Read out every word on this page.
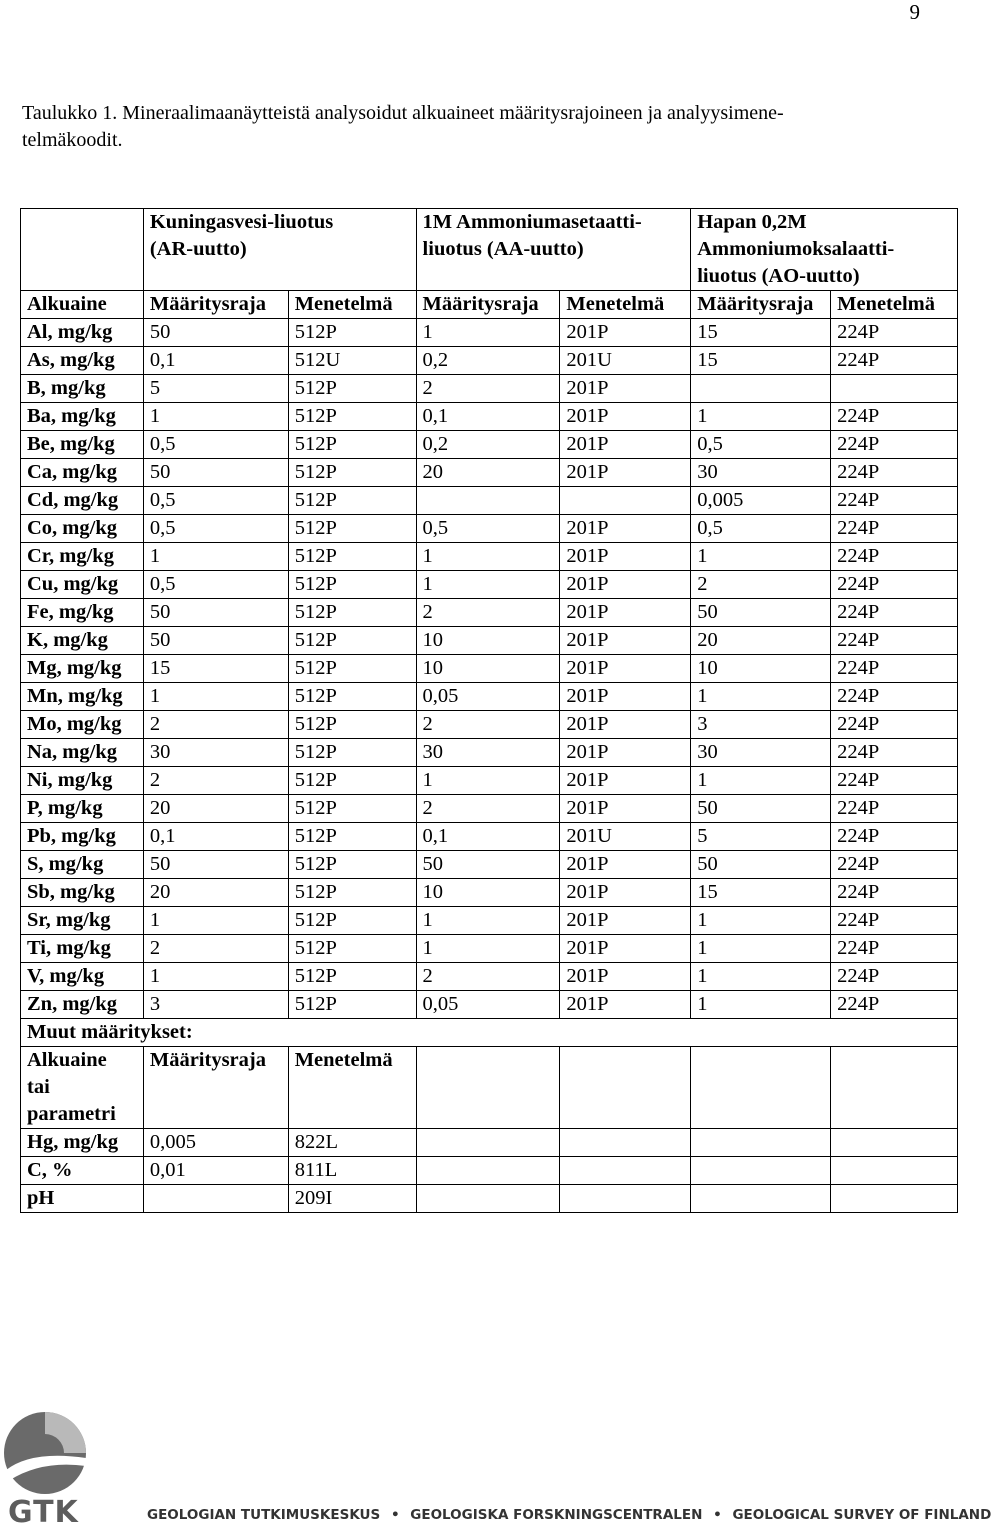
9
Taulukko 1. Mineraalimaanäytteistä analysoidut alkuaineet määritysrajoineen ja analyysimene-
telmäkoodit.

	Kuningasvesi-liuotus
(AR-uutto)		1M Ammoniumasetaatti-
liuotus (AA-uutto)		Hapan 0,2M
Ammoniumoksalaatti-
liuotus (AO-uutto)	

Alkuaine	Määritysraja	Menetelmä	Määritysraja	Menetelmä	Määritysraja	Menetelmä
Al, mg/kg	50	512P	1	201P	15	224P
As, mg/kg	0,1	512U	0,2	201U	15	224P
B, mg/kg	5	512P	2	201P		
Ba, mg/kg	1	512P	0,1	201P	1	224P
Be, mg/kg	0,5	512P	0,2	201P	0,5	224P
Ca, mg/kg	50	512P	20	201P	30	224P
Cd, mg/kg	0,5	512P			0,005	224P
Co, mg/kg	0,5	512P	0,5	201P	0,5	224P
Cr, mg/kg	1	512P	1	201P	1	224P
Cu, mg/kg	0,5	512P	1	201P	2	224P
Fe, mg/kg	50	512P	2	201P	50	224P
K, mg/kg	50	512P	10	201P	20	224P
Mg, mg/kg	15	512P	10	201P	10	224P
Mn, mg/kg	1	512P	0,05	201P	1	224P
Mo, mg/kg	2	512P	2	201P	3	224P
Na, mg/kg	30	512P	30	201P	30	224P
Ni, mg/kg	2	512P	1	201P	1	224P
P, mg/kg	20	512P	2	201P	50	224P
Pb, mg/kg	0,1	512P	0,1	201U	5	224P
S, mg/kg	50	512P	50	201P	50	224P
Sb, mg/kg	20	512P	10	201P	15	224P
Sr, mg/kg	1	512P	1	201P	1	224P
Ti, mg/kg	2	512P	1	201P	1	224P
V, mg/kg	1	512P	2	201P	1	224P
Zn, mg/kg	3	512P	0,05	201P	1	224P
Muut määritykset:						

Alkuaine
tai
parametri	Määritysraja	Menetelmä				
Hg, mg/kg	0,005	822L				
C, %	0,01	811L				
pH		209I				
GTK	GEOLOGIAN TUTKIMUSKESKUS • GEOLOGISKA FORSKNINGSCENTRALEN • GEOLOGICAL SURVEY OF FINLAND
